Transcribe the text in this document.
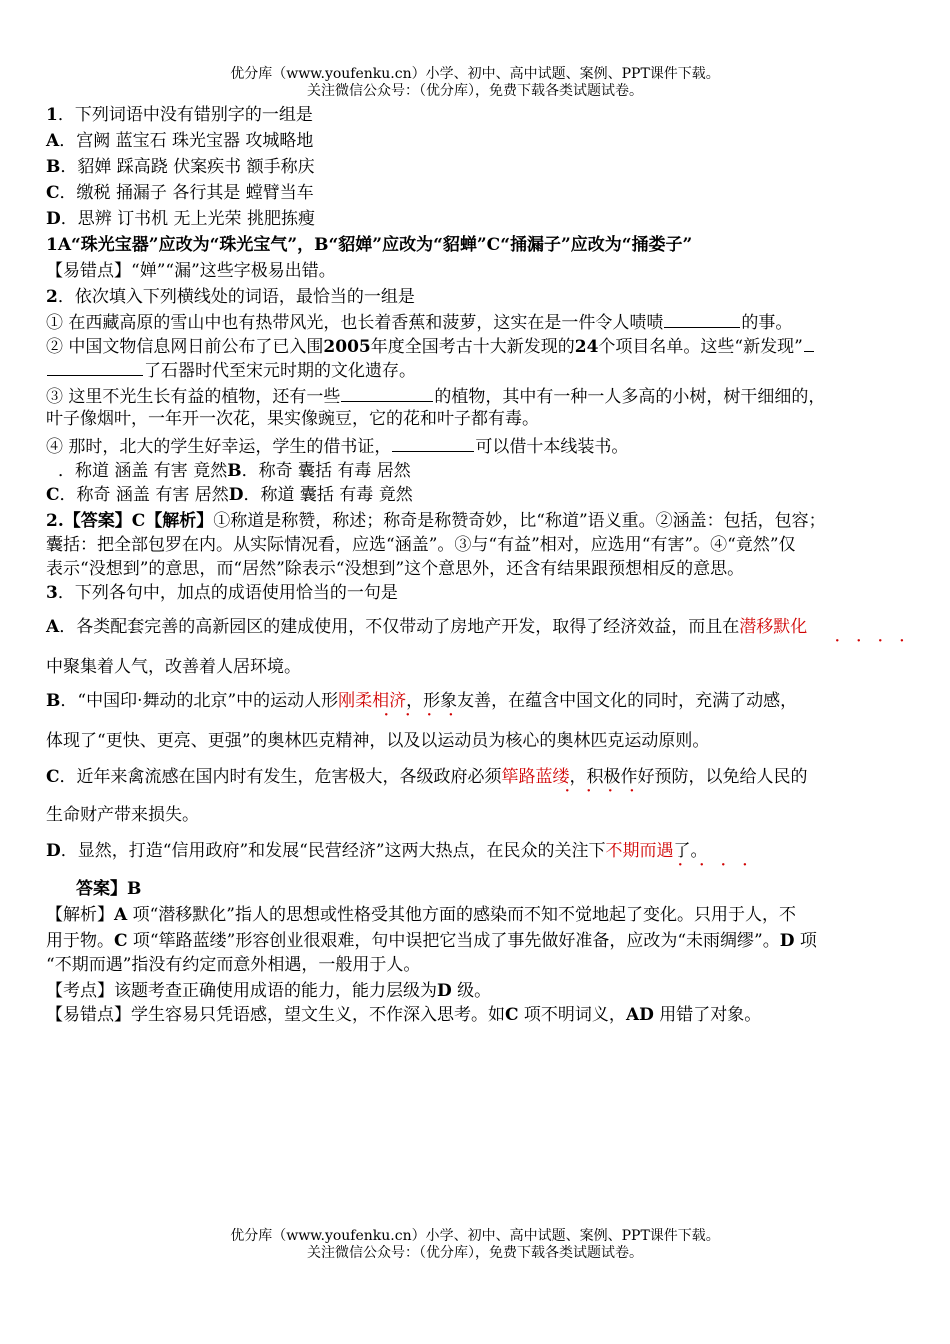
优分库（www.youfenku.cn）小学、初中、高中试题、案例、PPT课件下载。
关注微信公众号：（优分库），免费下载各类试题试卷。
1．下列词语中没有错别字的一组是
A．宫阙 蓝宝石 珠光宝器 攻城略地
B．貂婵 踩高跷 伏案疾书 额手称庆
C．缴税 捅漏子 各行其是 螳臂当车
D．思辨 订书机 无上光荣 挑肥拣瘦
1A“珠光宝器”应改为“珠光宝气”，B“貂婵”应改为“貂蝉”C“捅漏子”应改为“捅娄子”
【易错点】“婵”“漏”这些字极易出错。
2．依次填入下列横线处的词语，最恰当的一组是
① 在西藏高原的雪山中也有热带风光，也长着香蕉和菠萝，这实在是一件令人啧啧	的事。
② 中国文物信息网日前公布了已入围2005年度全国考古十大新发现的24个项目名单。这些“新发现”
了石器时代至宋元时期的文化遗存。
③ 这里不光生长有益的植物，还有一些	的植物，其中有一种一人多高的小树，树干细细的，
叶子像烟叶，一年开一次花，果实像豌豆，它的花和叶子都有毒。
④ 那时，北大的学生好幸运，学生的借书证，	可以借十本线装书。
．称道 涵盖 有害 竟然B．称奇 囊括 有毒 居然
C．称奇 涵盖 有害 居然D．称道 囊括 有毒 竟然
2.【答案】C【解析】①称道是称赞，称述；称奇是称赞奇妙，比“称道”语义重。②涵盖：包括，包容；
囊括：把全部包罗在内。从实际情况看，应选“涵盖”。③与“有益”相对，应选用“有害”。④“竟然”仅
表示“没想到”的意思，而“居然”除表示“没想到”这个意思外，还含有结果跟预想相反的意思。
3．下列各句中，加点的成语使用恰当的一句是
A．各类配套完善的高新园区的建成使用，不仅带动了房地产开发，取得了经济效益，而且在潜移默化
····
中聚集着人气，改善着人居环境。
B．“中国印·舞动的北京”中的运动人形刚柔相济，形象友善，在蕴含中国文化的同时，充满了动感，
····
体现了“更快、更亮、更强”的奥林匹克精神，以及以运动员为核心的奥林匹克运动原则。
C．近年来禽流感在国内时有发生，危害极大，各级政府必须筚路蓝缕，积极作好预防，以免给人民的
····
生命财产带来损失。
D．显然，打造“信用政府”和发展“民营经济”这两大热点，在民众的关注下不期而遇了。
····
答案】B
【解析】A 项“潜移默化”指人的思想或性格受其他方面的感染而不知不觉地起了变化。只用于人，不
用于物。C 项“筚路蓝缕”形容创业很艰难，句中误把它当成了事先做好准备，应改为“未雨绸缪”。D 项
“不期而遇”指没有约定而意外相遇，一般用于人。
【考点】该题考查正确使用成语的能力，能力层级为D 级。
【易错点】学生容易只凭语感，望文生义，不作深入思考。如C 项不明词义，AD 用错了对象。
优分库（www.youfenku.cn）小学、初中、高中试题、案例、PPT课件下载。
关注微信公众号：（优分库），免费下载各类试题试卷。
